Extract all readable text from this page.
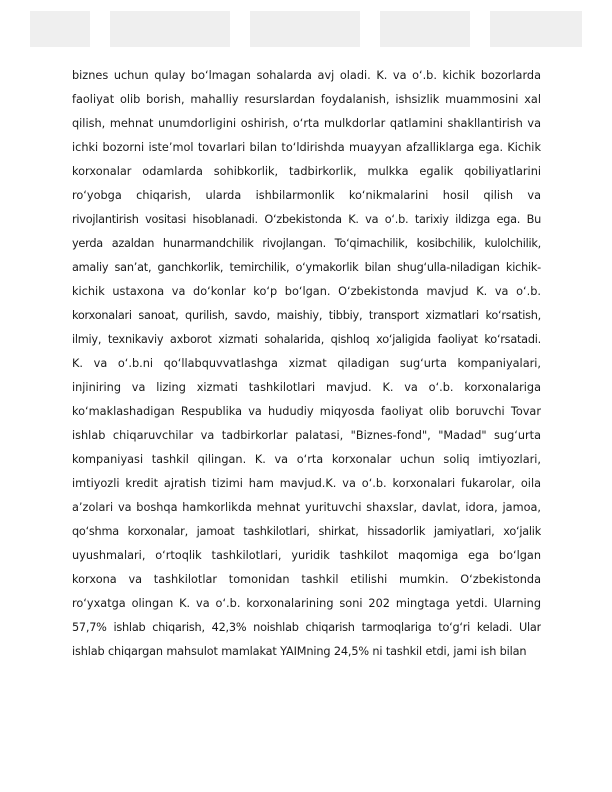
biznes uchun qulay bo‘lmagan sohalarda avj oladi. K. va o‘.b. kichik bozorlarda
faoliyat olib borish, mahalliy resurslardan foydalanish, ishsizlik muammosini xal
qilish, mehnat unumdorligini oshirish, o‘rta mulkdorlar qatlamini shakllantirish va
ichki bozorni iste’mol tovarlari bilan to‘ldirishda muayyan afzalliklarga ega. Kichik
korxonalar odamlarda sohibkorlik, tadbirkorlik, mulkka egalik qobiliyatlarini
ro‘yobga chiqarish, ularda ishbilarmonlik ko‘nikmalarini hosil qilish va
rivojlantirish vositasi hisoblanadi. O‘zbekistonda K. va o‘.b. tarixiy ildizga ega. Bu
yerda azaldan hunarmandchilik rivojlangan. To‘qimachilik, kosibchilik, kulolchilik,
amaliy san’at, ganchkorlik, temirchilik, o‘ymakorlik bilan shug‘ulla-niladigan kichik-
kichik ustaxona va do‘konlar ko‘p bo‘lgan. O‘zbekistonda mavjud K. va o‘.b.
korxonalari sanoat, qurilish, savdo, maishiy, tibbiy, transport xizmatlari ko‘rsatish,
ilmiy, texnikaviy axborot xizmati sohalarida, qishloq xo‘jaligida faoliyat ko‘rsatadi.
K. va o‘.b.ni qo‘llabquvvatlashga xizmat qiladigan sug‘urta kompaniyalari,
injiniring va lizing xizmati tashkilotlari mavjud. K. va o‘.b. korxonalariga
ko‘maklashadigan Respublika va hududiy miqyosda faoliyat olib boruvchi Tovar
ishlab chiqaruvchilar va tadbirkorlar palatasi, "Biznes-fond", "Madad" sug‘urta
kompaniyasi tashkil qilingan. K. va o‘rta korxonalar uchun soliq imtiyozlari,
imtiyozli kredit ajratish tizimi ham mavjud.K. va o‘.b. korxonalari fukarolar, oila
a’zolari va boshqa hamkorlikda mehnat yurituvchi shaxslar, davlat, idora, jamoa,
qo‘shma korxonalar, jamoat tashkilotlari, shirkat, hissadorlik jamiyatlari, xo‘jalik
uyushmalari, o‘rtoqlik tashkilotlari, yuridik tashkilot maqomiga ega bo‘lgan
korxona va tashkilotlar tomonidan tashkil etilishi mumkin. O‘zbekistonda
ro‘yxatga olingan K. va o‘.b. korxonalarining soni 202 mingtaga yetdi. Ularning
57,7% ishlab chiqarish, 42,3% noishlab chiqarish tarmoqlariga to‘g‘ri keladi. Ular
ishlab chiqargan mahsulot mamlakat YAIMning 24,5% ni tashkil etdi, jami ish bilan
